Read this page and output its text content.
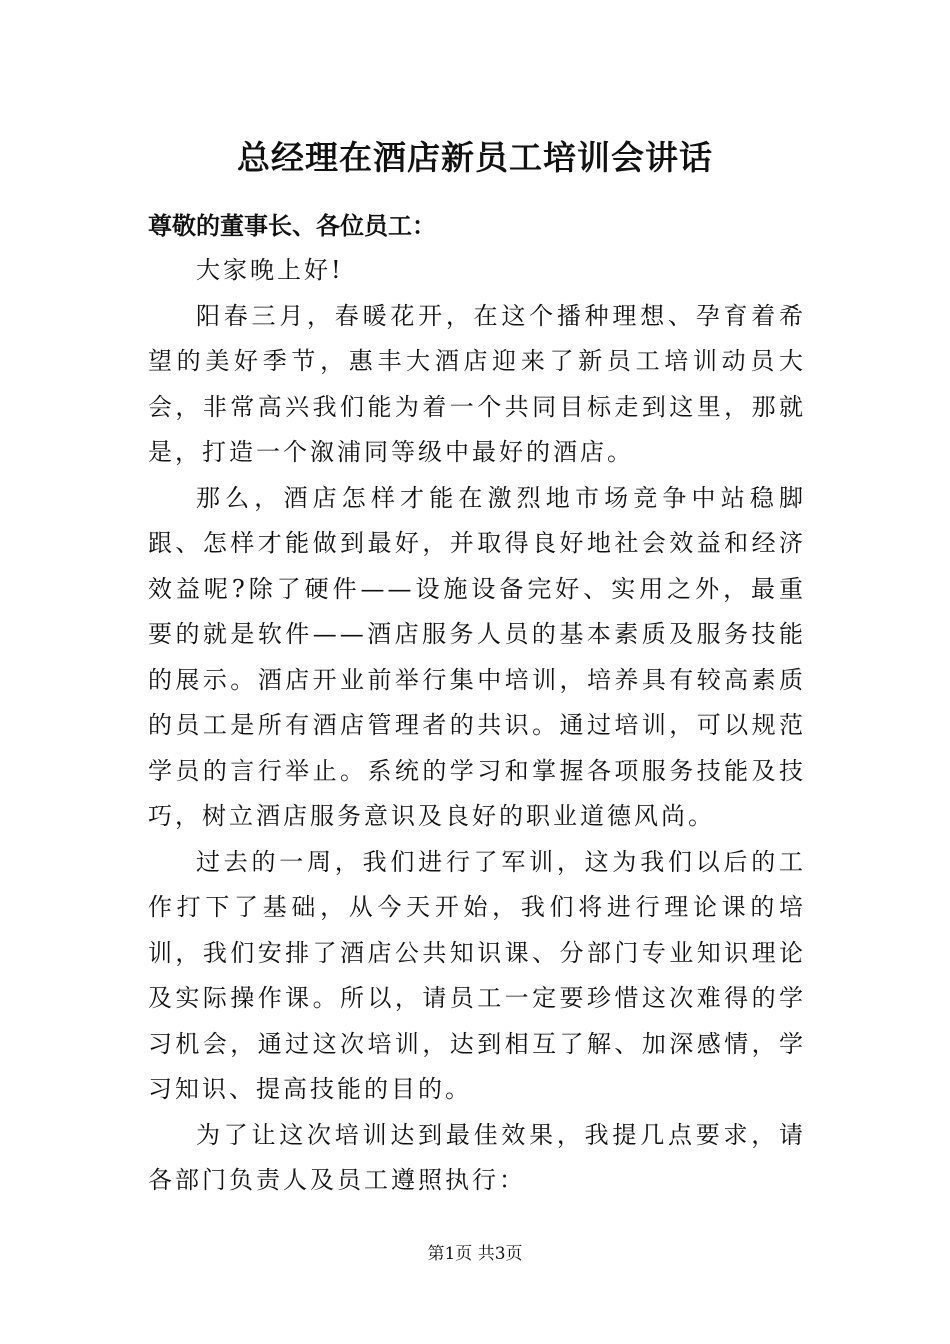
总经理在酒店新员工培训会讲话

尊敬的董事长、各位员工：

大家晚上好!

阳春三月，春暖花开，在这个播种理想、孕育着希望的美好季节，惠丰大酒店迎来了新员工培训动员大会，非常高兴我们能为着一个共同目标走到这里，那就是，打造一个溆浦同等级中最好的酒店。

那么，酒店怎样才能在激烈地市场竞争中站稳脚跟、怎样才能做到最好，并取得良好地社会效益和经济效益呢?除了硬件——设施设备完好、实用之外，最重要的就是软件——酒店服务人员的基本素质及服务技能的展示。酒店开业前举行集中培训，培养具有较高素质的员工是所有酒店管理者的共识。通过培训，可以规范学员的言行举止。系统的学习和掌握各项服务技能及技巧，树立酒店服务意识及良好的职业道德风尚。

过去的一周，我们进行了军训，这为我们以后的工作打下了基础，从今天开始，我们将进行理论课的培训，我们安排了酒店公共知识课、分部门专业知识理论及实际操作课。所以，请员工一定要珍惜这次难得的学习机会，通过这次培训，达到相互了解、加深感情，学习知识、提高技能的目的。

为了让这次培训达到最佳效果，我提几点要求，请各部门负责人及员工遵照执行：

第1页 共3页
